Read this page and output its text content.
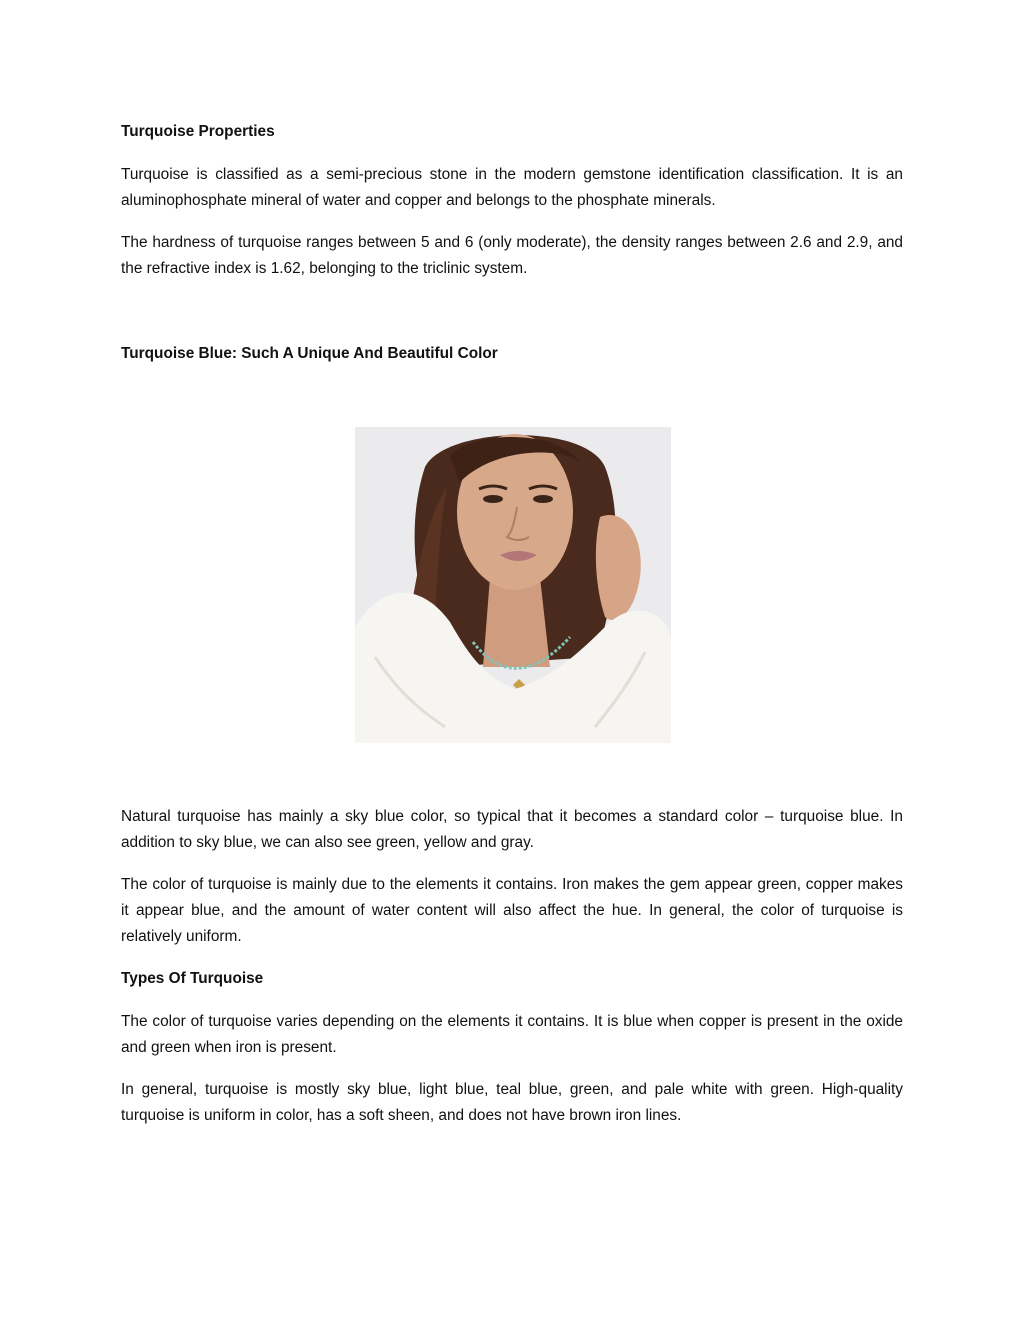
Turquoise Properties

Turquoise is classified as a semi-precious stone in the modern gemstone identification classification. It is an aluminophosphate mineral of water and copper and belongs to the phosphate minerals.

The hardness of turquoise ranges between 5 and 6 (only moderate), the density ranges between 2.6 and 2.9, and the refractive index is 1.62, belonging to the triclinic system.

Turquoise Blue: Such A Unique And Beautiful Color

Natural turquoise has mainly a sky blue color, so typical that it becomes a standard color – turquoise blue. In addition to sky blue, we can also see green, yellow and gray.

The color of turquoise is mainly due to the elements it contains. Iron makes the gem appear green, copper makes it appear blue, and the amount of water content will also affect the hue. In general, the color of turquoise is relatively uniform.

Types Of Turquoise

The color of turquoise varies depending on the elements it contains. It is blue when copper is present in the oxide and green when iron is present.

In general, turquoise is mostly sky blue, light blue, teal blue, green, and pale white with green. High-quality turquoise is uniform in color, has a soft sheen, and does not have brown iron lines.
